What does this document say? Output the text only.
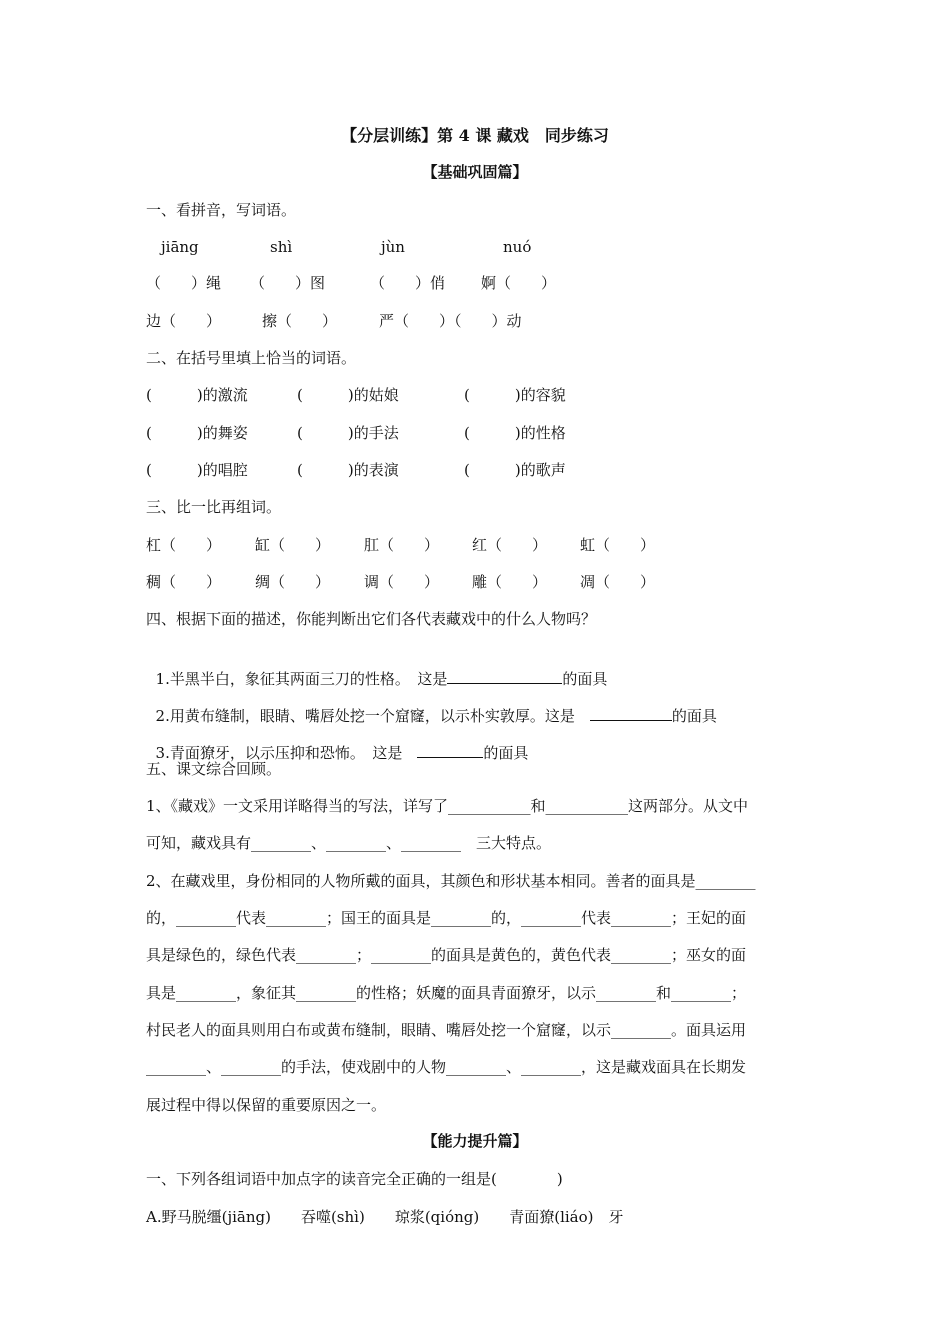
【分层训练】第 4 课 藏戏　同步练习
【基础巩固篇】
一、看拼音，写词语。
jiāng	shì	jùn	nuó
（　　）绳 （　　）图	（　　）俏 婀（　　）
边（　　）	擦（　　）	严（　　）（　　）动
二、在括号里填上恰当的词语。
(　　　)的激流	(　　　)的姑娘	(　　　)的容貌
(　　　)的舞姿	(　　　)的手法	(　　　)的性格
(　　　)的唱腔	(　　　)的表演	(　　　)的歌声
三、比一比再组词。
杠（　　） 缸（　　） 肛（　　） 红（　　） 虹（　　）
稠（　　） 绸（　　） 调（　　） 雕（　　） 凋（　　）
四、根据下面的描述，你能判断出它们各代表藏戏中的什么人物吗？

1.半黑半白，象征其两面三刀的性格。　这是	的面具

2.用黄布缝制，眼睛、嘴唇处挖一个窟窿，以示朴实敦厚。这是　	的面具

3.青面獠牙，以示压抑和恐怖。　这是　	的面具

五、课文综合回顾。
1、《藏戏》一文采用详略得当的写法，详写了___________和___________这两部分。从文中
可知，藏戏具有________、________、________　三大特点。
2、在藏戏里，身份相同的人物所戴的面具，其颜色和形状基本相同。善者的面具是________
的，________代表________；国王的面具是________的，________代表________；王妃的面
具是绿色的，绿色代表________；________的面具是黄色的，黄色代表________；巫女的面
具是________，象征其________的性格；妖魔的面具青面獠牙，以示________和________；
村民老人的面具则用白布或黄布缝制，眼睛、嘴唇处挖一个窟窿，以示________。面具运用
________、________的手法，使戏剧中的人物________、________，这是藏戏面具在长期发
展过程中得以保留的重要原因之一。
【能力提升篇】
一、下列各组词语中加点字的读音完全正确的一组是(　　　　)
A.野马脱缰(jiāng)　　吞噬(shì)　　琼浆(qióng)　　青面獠(liáo)　牙
